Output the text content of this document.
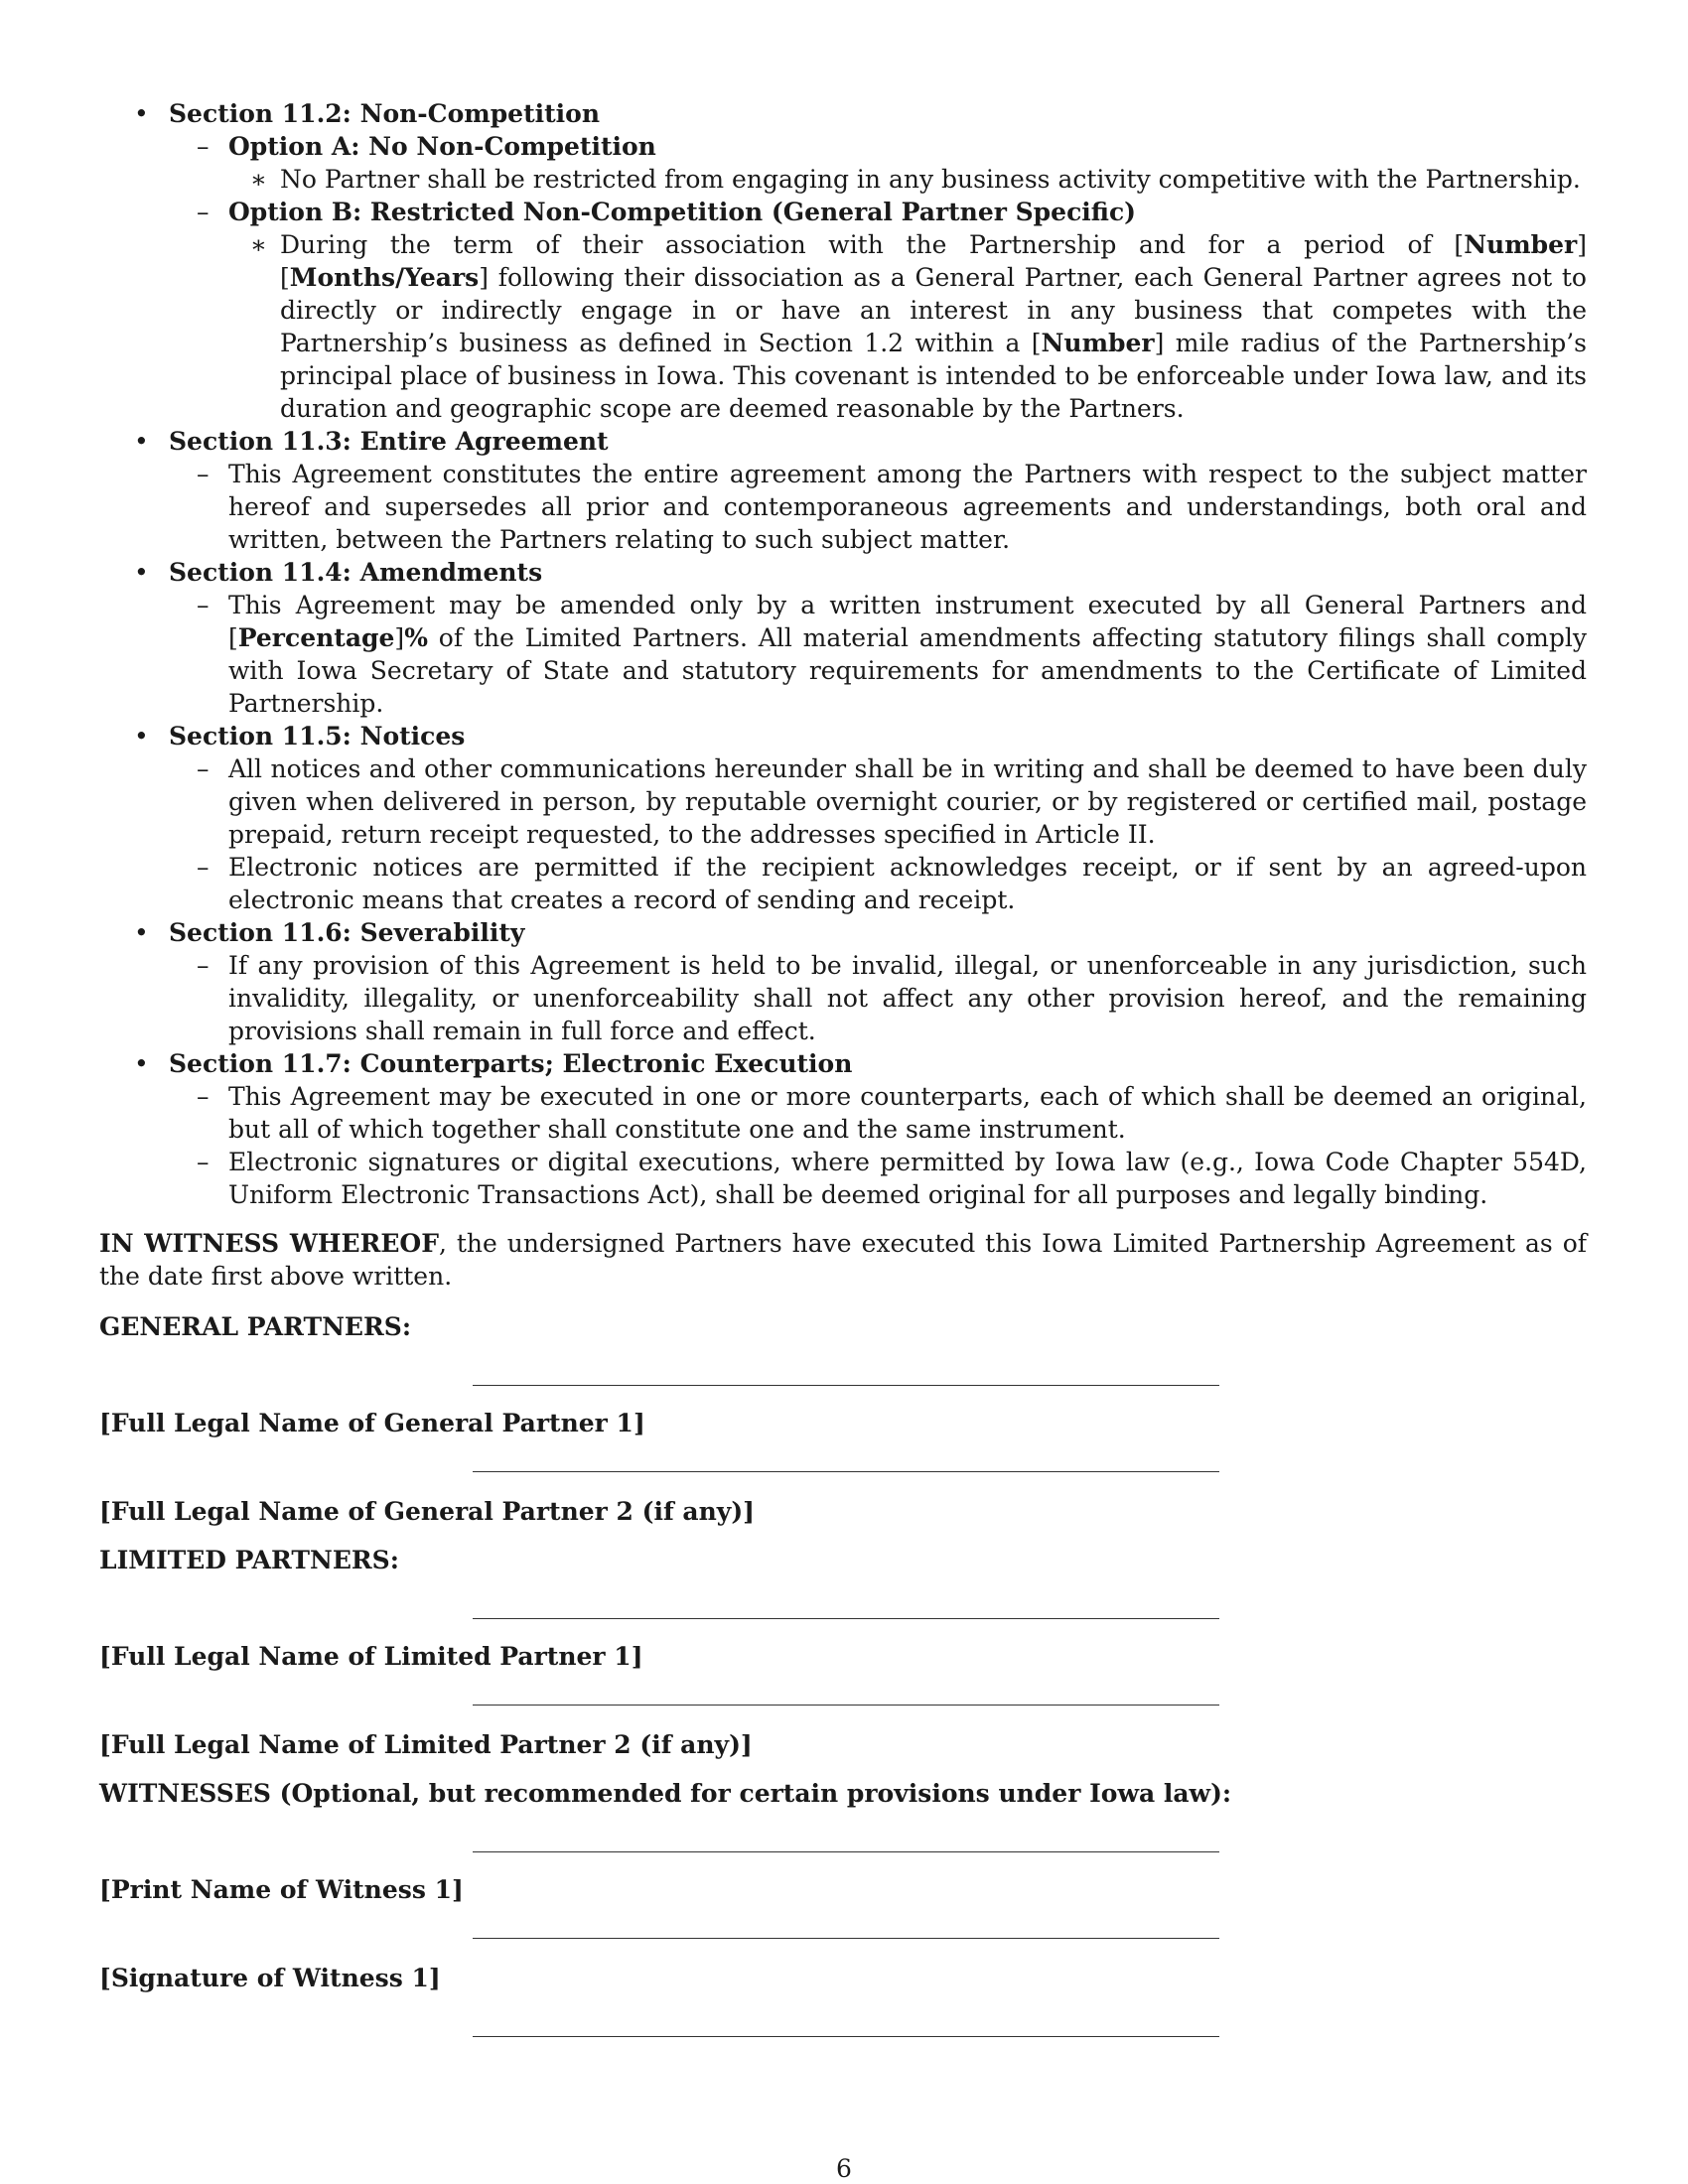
• Section 11.2: Non-Competition
– Option A: No Non-Competition
∗ No Partner shall be restricted from engaging in any business activity competitive with the Partnership.
– Option B: Restricted Non-Competition (General Partner Specific)
∗ During the term of their association with the Partnership and for a period of [Number] [Months/Years] following their dissociation as a General Partner, each General Partner agrees not to directly or indirectly engage in or have an interest in any business that competes with the Partnership’s business as defined in Section 1.2 within a [Number] mile radius of the Partnership’s principal place of business in Iowa. This covenant is intended to be enforceable under Iowa law, and its duration and geographic scope are deemed reasonable by the Partners.
• Section 11.3: Entire Agreement
– This Agreement constitutes the entire agreement among the Partners with respect to the subject matter hereof and supersedes all prior and contemporaneous agreements and understandings, both oral and written, between the Partners relating to such subject matter.
• Section 11.4: Amendments
– This Agreement may be amended only by a written instrument executed by all General Partners and [Percentage]% of the Limited Partners. All material amendments affecting statutory filings shall comply with Iowa Secretary of State and statutory requirements for amendments to the Certificate of Limited Partnership.
• Section 11.5: Notices
– All notices and other communications hereunder shall be in writing and shall be deemed to have been duly given when delivered in person, by reputable overnight courier, or by registered or certified mail, postage prepaid, return receipt requested, to the addresses specified in Article II.
– Electronic notices are permitted if the recipient acknowledges receipt, or if sent by an agreed-upon electronic means that creates a record of sending and receipt.
• Section 11.6: Severability
– If any provision of this Agreement is held to be invalid, illegal, or unenforceable in any jurisdiction, such invalidity, illegality, or unenforceability shall not affect any other provision hereof, and the remaining provisions shall remain in full force and effect.
• Section 11.7: Counterparts; Electronic Execution
– This Agreement may be executed in one or more counterparts, each of which shall be deemed an original, but all of which together shall constitute one and the same instrument.
– Electronic signatures or digital executions, where permitted by Iowa law (e.g., Iowa Code Chapter 554D, Uniform Electronic Transactions Act), shall be deemed original for all purposes and legally binding.
IN WITNESS WHEREOF, the undersigned Partners have executed this Iowa Limited Partnership Agreement as of the date first above written.
GENERAL PARTNERS:
[Full Legal Name of General Partner 1]
[Full Legal Name of General Partner 2 (if any)]
LIMITED PARTNERS:
[Full Legal Name of Limited Partner 1]
[Full Legal Name of Limited Partner 2 (if any)]
WITNESSES (Optional, but recommended for certain provisions under Iowa law):
[Print Name of Witness 1]
[Signature of Witness 1]
6
